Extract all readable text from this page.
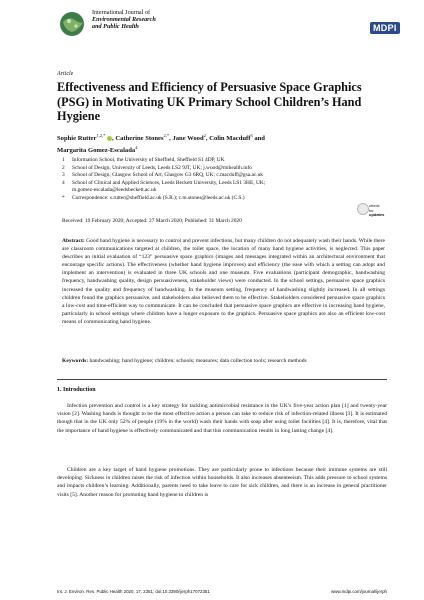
International Journal of
Environmental Research
and Public Health	MDPI
Article
Effectiveness and Efficiency of Persuasive Space Graphics (PSG) in Motivating UK Primary School Children’s Hand Hygiene
Sophie Rutter$^{1,2,*}$ , Catherine Stones$^{2,*}$, Jane Wood$^2$, Colin Macduff$^3$ and
Margarita Gomez-Escalada$^4$
1	Information School, the University of Sheffield, Sheffield S1 4DP, UK
2	School of Design, University of Leeds, Leeds LS2 9JT, UK; j.wood@mihealth.info
3	School of Design, Glasgow School of Art, Glasgow G3 6RQ, UK; c.macduff@gsa.ac.uk
4	School of Clinical and Applied Sciences, Leeds Beckett University, Leeds LS1 3HE, UK;
m.gomez-escalada@leedsbeckett.ac.uk
*	Correspondence: s.rutter@sheffield.ac.uk (S.R.); c.m.stones@leeds.ac.uk (C.S.)
check for
updates
Received: 19 February 2020; Accepted: 27 March 2020; Published: 31 March 2020
Abstract: Good hand hygiene is necessary to control and prevent infections, but many children do not adequately wash their hands. While there are classroom communications targeted at children, the toilet space, the location of many hand hygiene activities, is neglected. This paper describes an initial evaluation of “123” persuasive space graphics (images and messages integrated within an architectural environment that encourage specific actions). The effectiveness (whether hand hygiene improves) and efficiency (the ease with which a setting can adopt and implement an intervention) is evaluated in three UK schools and one museum. Five evaluations (participant demographic, handwashing frequency, handwashing quality, design persuasiveness, stakeholder views) were conducted. In the school settings, persuasive space graphics increased the quality and frequency of handwashing. In the museum setting, frequency of handwashing slightly increased. In all settings children found the graphics persuasive, and stakeholders also believed them to be effective. Stakeholders considered persuasive space graphics a low-cost and time-efficient way to communicate. It can be concluded that persuasive space graphics are effective in increasing hand hygiene, particularly in school settings where children have a longer exposure to the graphics. Persuasive space graphics are also an efficient low-cost means of communicating hand hygiene.
Keywords: handwashing; hand hygiene; children; schools; measures; data collection tools; research methods
1. Introduction
Infection prevention and control is a key strategy for tackling antimicrobial resistance in the UK’s five-year action plan [1] and twenty-year vision [2]. Washing hands is thought to be the most effective action a person can take to reduce risk of infection-related illness [3]. It is estimated though that in the UK only 52% of people (19% in the world) wash their hands with soap after using toilet facilities [4]. It is, therefore, vital that the importance of hand hygiene is effectively communicated and that this communication results in long lasting change [4].
Children are a key target of hand hygiene promotions. They are particularly prone to infections because their immune systems are still developing. Sickness in children raises the risk of infection within households. It also increases absenteeism. This adds pressure to school systems and impacts children’s learning. Additionally, parents need to take leave to care for sick children, and there is an increase in general practitioner visits [5]. Another reason for promoting hand hygiene to children is
Int. J. Environ. Res. Public Health 2020, 17, 2351; doi:10.3390/ijerph17072351	www.mdpi.com/journal/ijerph
